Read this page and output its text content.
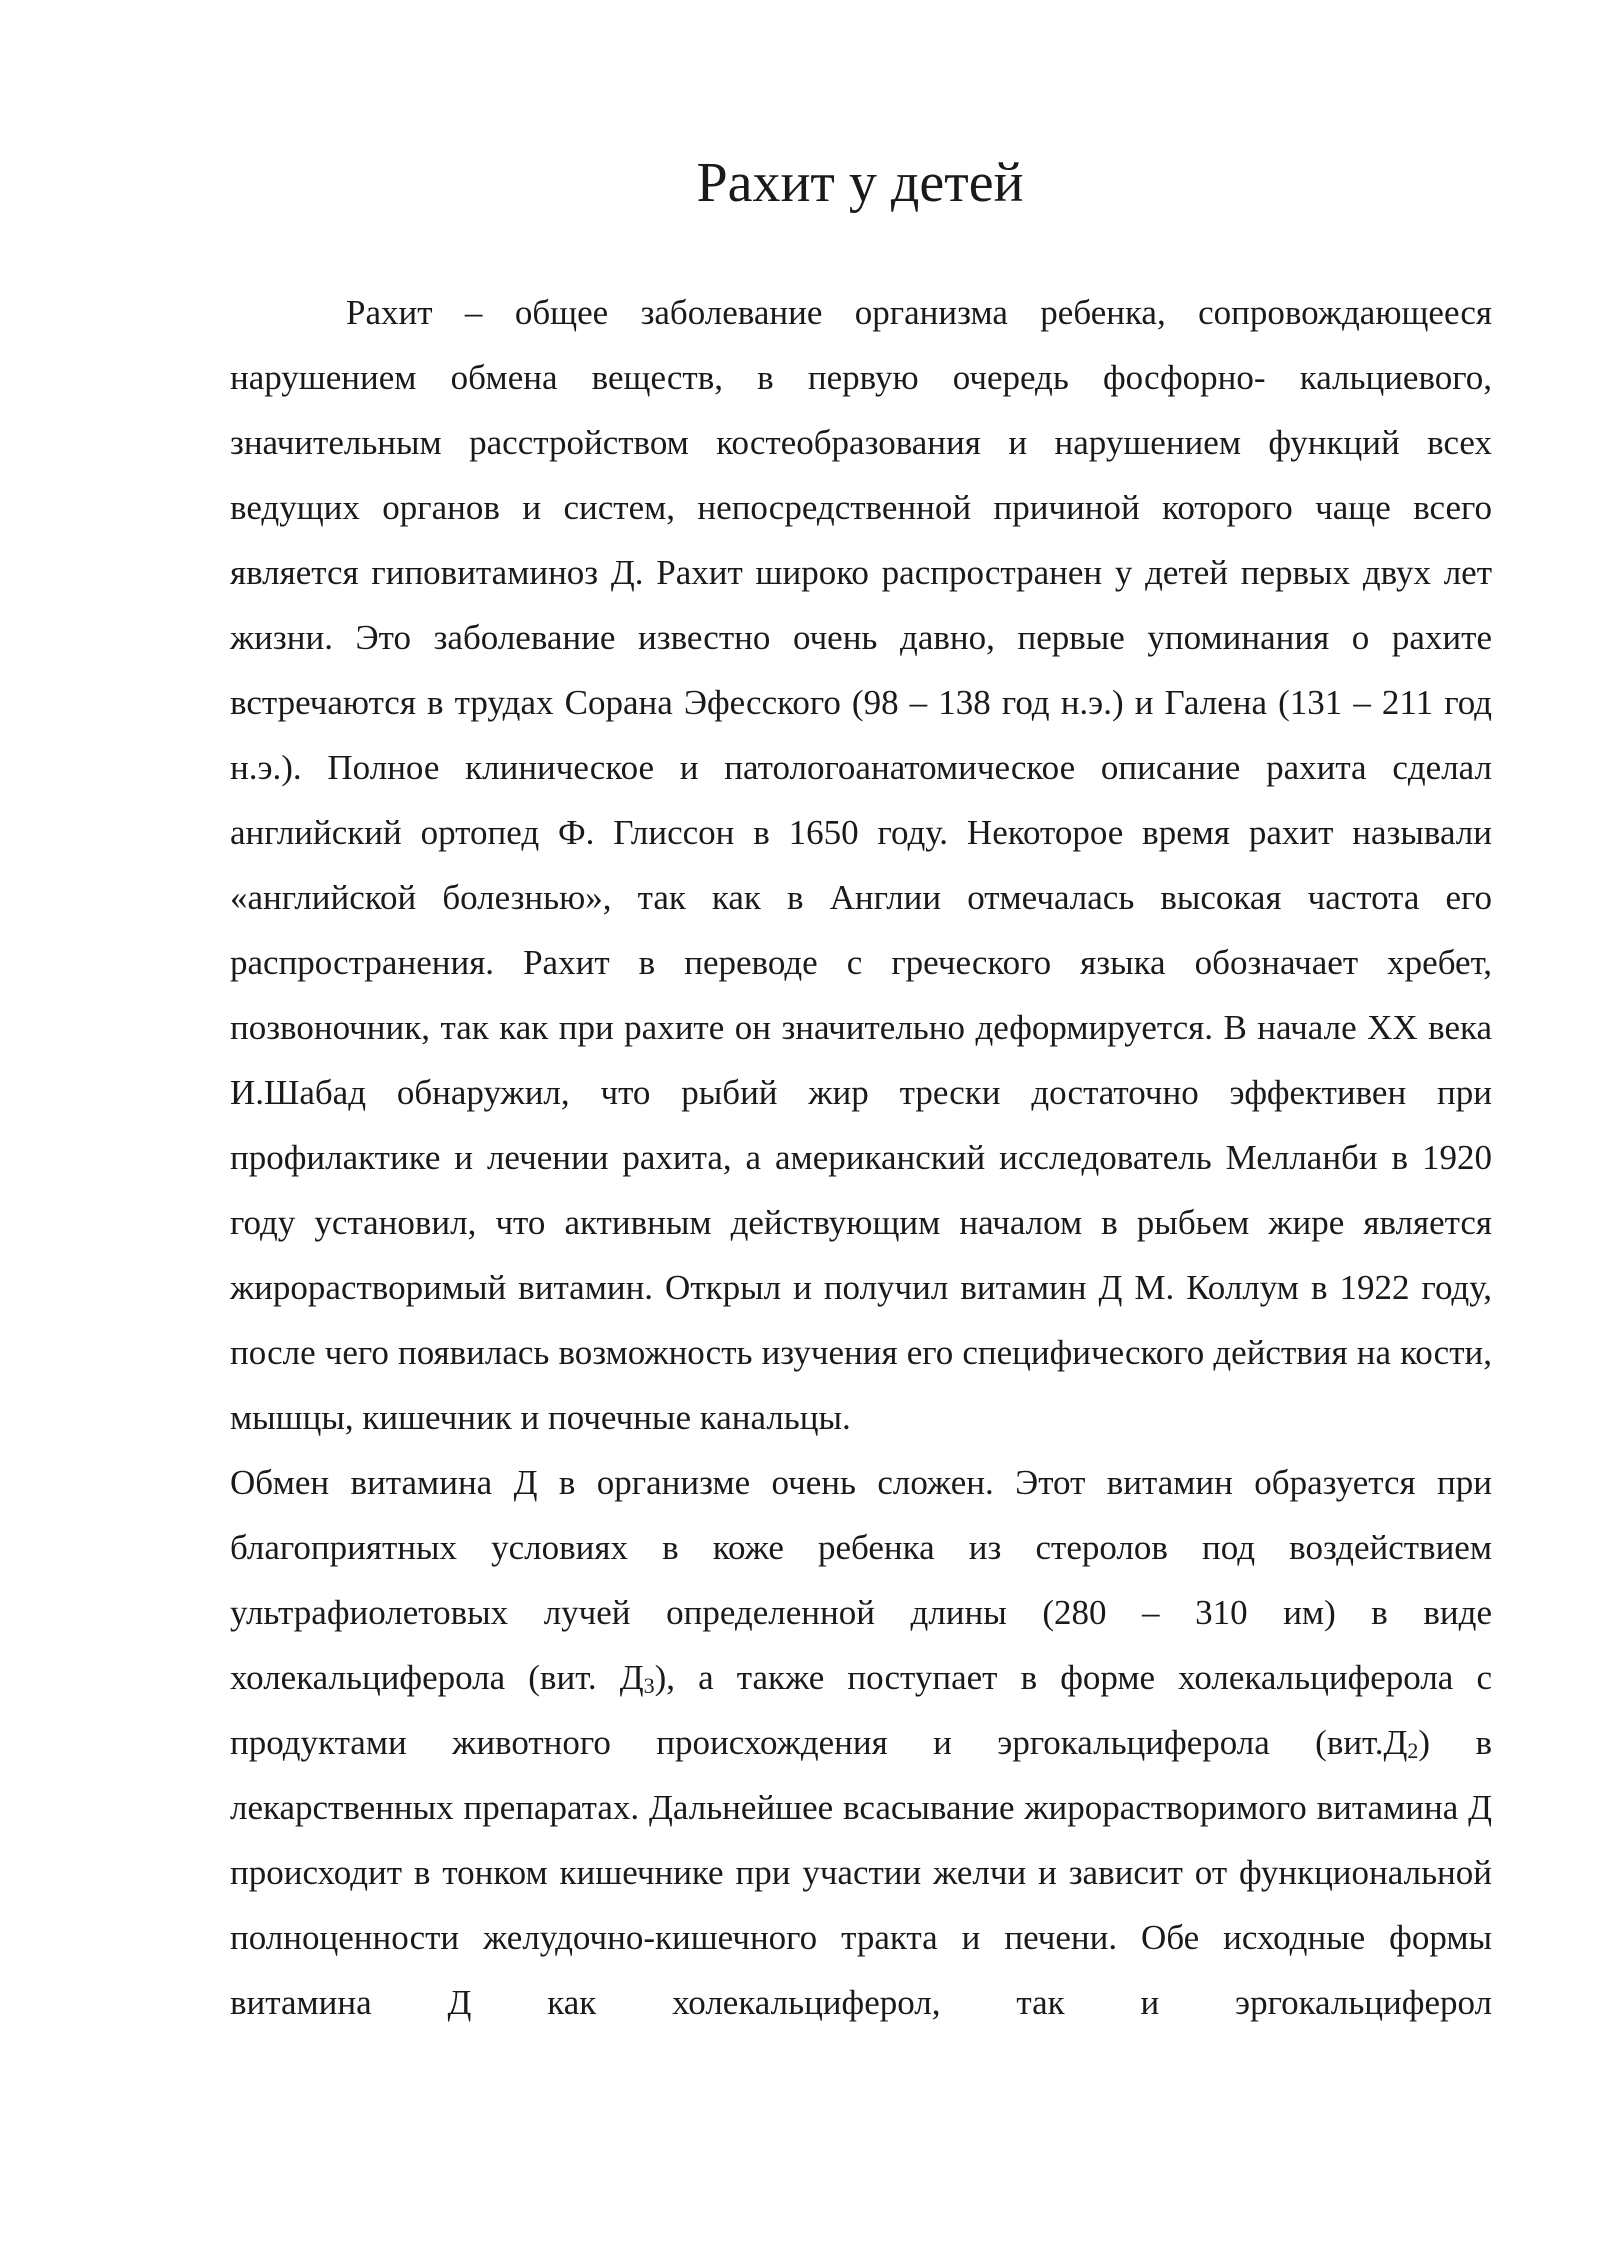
Рахит у детей

Рахит – общее заболевание организма ребенка, сопровождающееся нарушением обмена веществ, в первую очередь фосфорно- кальциевого, значительным расстройством костеобразования и нарушением функций всех ведущих органов и систем, непосредственной причиной которого чаще всего является гиповитаминоз Д. Рахит широко распространен у детей первых двух лет жизни. Это заболевание известно очень давно, первые упоминания о рахите встречаются в трудах Сорана Эфесского (98 – 138 год н.э.) и Галена (131 – 211 год н.э.). Полное клиническое и патологоанатомическое описание рахита сделал английский ортопед Ф. Глиссон в 1650 году. Некоторое время рахит называли «английской болезнью», так как в Англии отмечалась высокая частота его распространения. Рахит в переводе с греческого языка обозначает хребет, позвоночник, так как при рахите он значительно деформируется. В начале XX века И.Шабад обнаружил, что рыбий жир трески достаточно эффективен при профилактике и лечении рахита, а американский исследователь Мелланби в 1920 году установил, что активным действующим началом в рыбьем жире является жирорастворимый витамин. Открыл и получил витамин Д М. Коллум в 1922 году, после чего появилась возможность изучения его специфического действия на кости, мышцы, кишечник и почечные канальцы.

Обмен витамина Д в организме очень сложен. Этот витамин образуется при благоприятных условиях в коже ребенка из стеролов под воздействием ультрафиолетовых лучей определенной длины (280 – 310 им) в виде холекальциферола (вит. $Д_3$), а также поступает в форме холекальциферола с продуктами животного происхождения и эргокальциферола $(вит.Д_2)$ в лекарственных препаратах. Дальнейшее всасывание жирорастворимого витамина Д происходит в тонком кишечнике при участии желчи и зависит от функциональной полноценности желудочно-кишечного тракта и печени. Обе исходные формы витамина Д как холекальциферол, так и эргокальциферол
